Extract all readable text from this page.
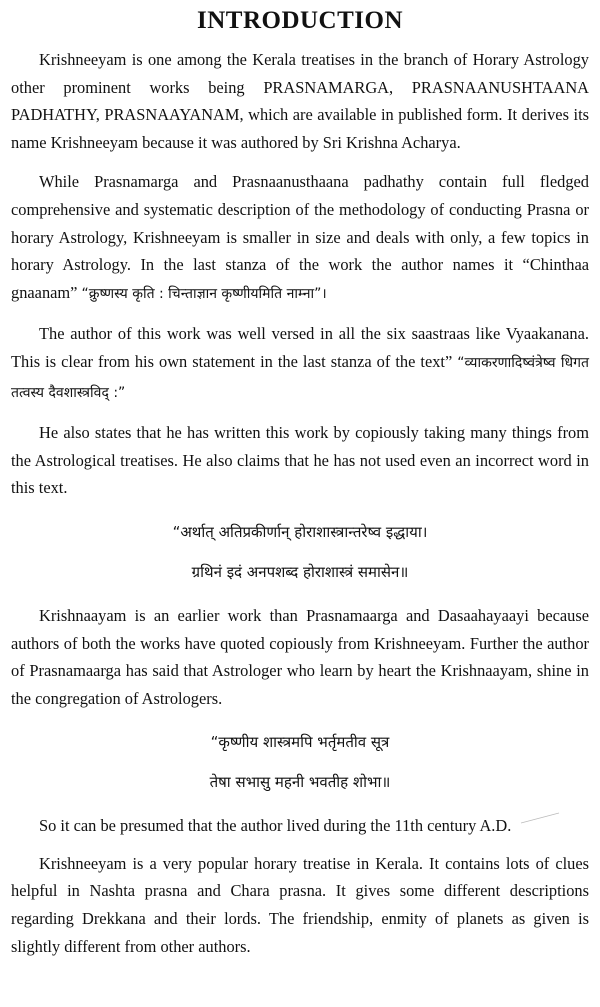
INTRODUCTION

Krishneeyam is one among the Kerala treatises in the branch of Horary Astrology other prominent works being PRASNAMARGA, PRASNAANUSHTAANA PADHATHY, PRASNAAYANAM, which are available in published form. It derives its name Krishneeyam because it was authored by Sri Krishna Acharya.

While Prasnamarga and Prasnaanusthaana padhathy contain full fledged comprehensive and systematic description of the methodology of conducting Prasna or horary Astrology, Krishneeyam is smaller in size and deals with only, a few topics in horary Astrology. In the last stanza of the work the author names it “Chinthaa gnaanam” “क्रुष्णस्य कृति : चिन्ताज्ञान कृष्णीयमिति नाम्ना”।

The author of this work was well versed in all the six saastraas like Vyaakanana. This is clear from his own statement in the last stanza of the text” “व्याकरणादिष्वंत्रेष्व धिगत तत्वस्य दैवशास्त्रविद् :”

He also states that he has written this work by copiously taking many things from the Astrological treatises. He also claims that he has not used even an incorrect word in this text.

“अर्थात् अतिप्रकीर्णान् होराशास्त्रान्तरेष्व इद्धाया।

ग्रथिनं इदं अनपशब्द होराशास्त्रं समासेन॥

Krishnaayam is an earlier work than Prasnamaarga and Dasaahayaayi because authors of both the works have quoted copiously from Krishneeyam. Further the author of Prasnamaarga has said that Astrologer who learn by heart the Krishnaayam, shine in the congregation of Astrologers.

“कृष्णीय शास्त्रमपि भर्तृमतीव सूत्र

तेषा सभासु महनी भवतीह शोभा॥

So it can be presumed that the author lived during the 11th century A.D.

Krishneeyam is a very popular horary treatise in Kerala. It contains lots of clues helpful in Nashta prasna and Chara prasna. It gives some different descriptions regarding Drekkana and their lords. The friendship, enmity of planets as given is slightly different from other authors.
